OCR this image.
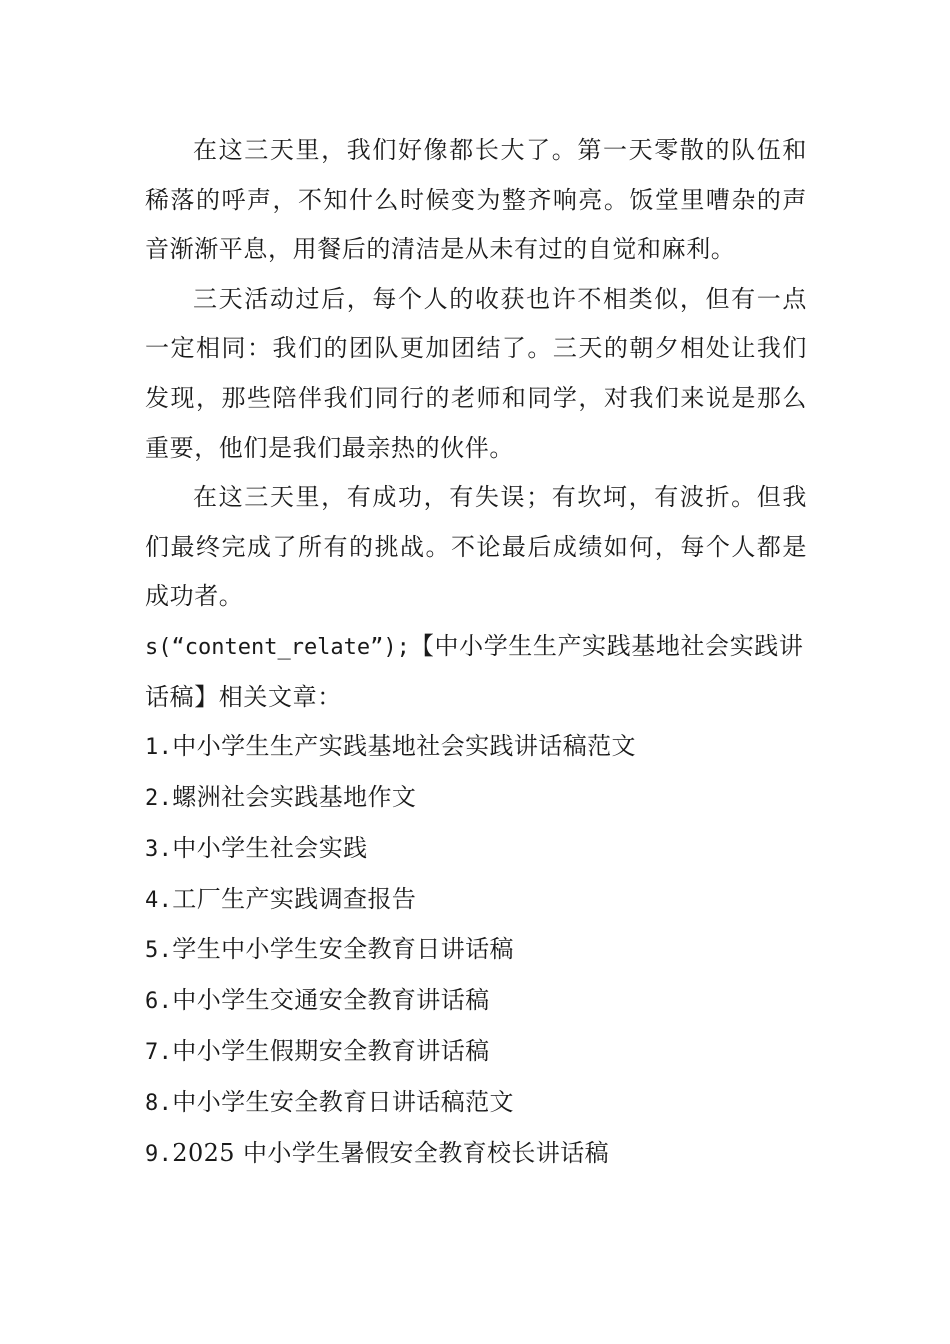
在这三天里，我们好像都长大了。第一天零散的队伍和稀落的呼声，不知什么时候变为整齐响亮。饭堂里嘈杂的声音渐渐平息，用餐后的清洁是从未有过的自觉和麻利。

三天活动过后，每个人的收获也许不相类似，但有一点一定相同：我们的团队更加团结了。三天的朝夕相处让我们发现，那些陪伴我们同行的老师和同学，对我们来说是那么重要，他们是我们最亲热的伙伴。

在这三天里，有成功，有失误；有坎坷，有波折。但我们最终完成了所有的挑战。不论最后成绩如何，每个人都是成功者。

s(“content_relate”);【中小学生生产实践基地社会实践讲话稿】相关文章：

1.中小学生生产实践基地社会实践讲话稿范文
2.螺洲社会实践基地作文
3.中小学生社会实践
4.工厂生产实践调查报告
5.学生中小学生安全教育日讲话稿
6.中小学生交通安全教育讲话稿
7.中小学生假期安全教育讲话稿
8.中小学生安全教育日讲话稿范文
9.2025 中小学生暑假安全教育校长讲话稿
